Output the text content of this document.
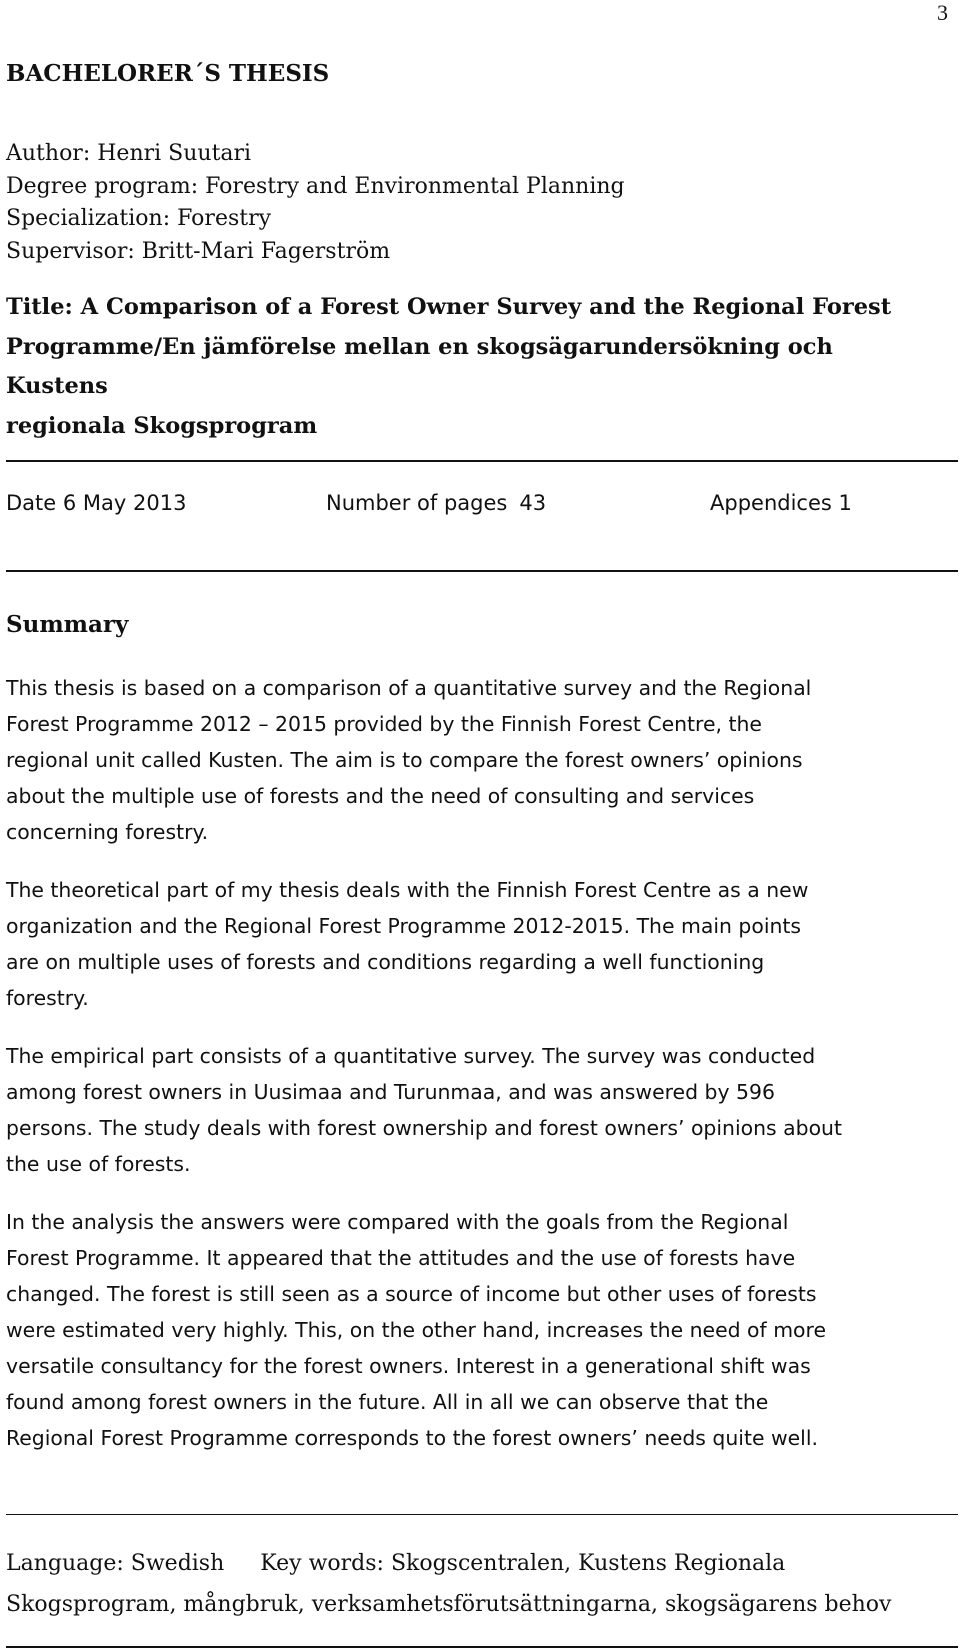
3
BACHELORER´S THESIS
Author: Henri Suutari
Degree program: Forestry and Environmental Planning
Specialization: Forestry
Supervisor: Britt-Mari Fagerström
Title: A Comparison of a Forest Owner Survey and the Regional Forest
Programme/En jämförelse mellan en skogsägarundersökning och Kustens
regionala Skogsprogram
Date 6 May 2013	Number of pages 43	Appendices 1
Summary

This thesis is based on a comparison of a quantitative survey and the Regional
Forest Programme 2012 – 2015 provided by the Finnish Forest Centre, the
regional unit called Kusten. The aim is to compare the forest owners’ opinions
about the multiple use of forests and the need of consulting and services
concerning forestry.

The theoretical part of my thesis deals with the Finnish Forest Centre as a new
organization and the Regional Forest Programme 2012-2015. The main points
are on multiple uses of forests and conditions regarding a well functioning
forestry.

The empirical part consists of a quantitative survey. The survey was conducted
among forest owners in Uusimaa and Turunmaa, and was answered by 596
persons. The study deals with forest ownership and forest owners’ opinions about
the use of forests.

In the analysis the answers were compared with the goals from the Regional
Forest Programme. It appeared that the attitudes and the use of forests have
changed. The forest is still seen as a source of income but other uses of forests
were estimated very highly. This, on the other hand, increases the need of more
versatile consultancy for the forest owners. Interest in a generational shift was
found among forest owners in the future. All in all we can observe that the
Regional Forest Programme corresponds to the forest owners’ needs quite well.

Language: Swedish Key words: Skogscentralen, Kustens Regionala
Skogsprogram, mångbruk, verksamhetsförutsättningarna, skogsägarens behov
